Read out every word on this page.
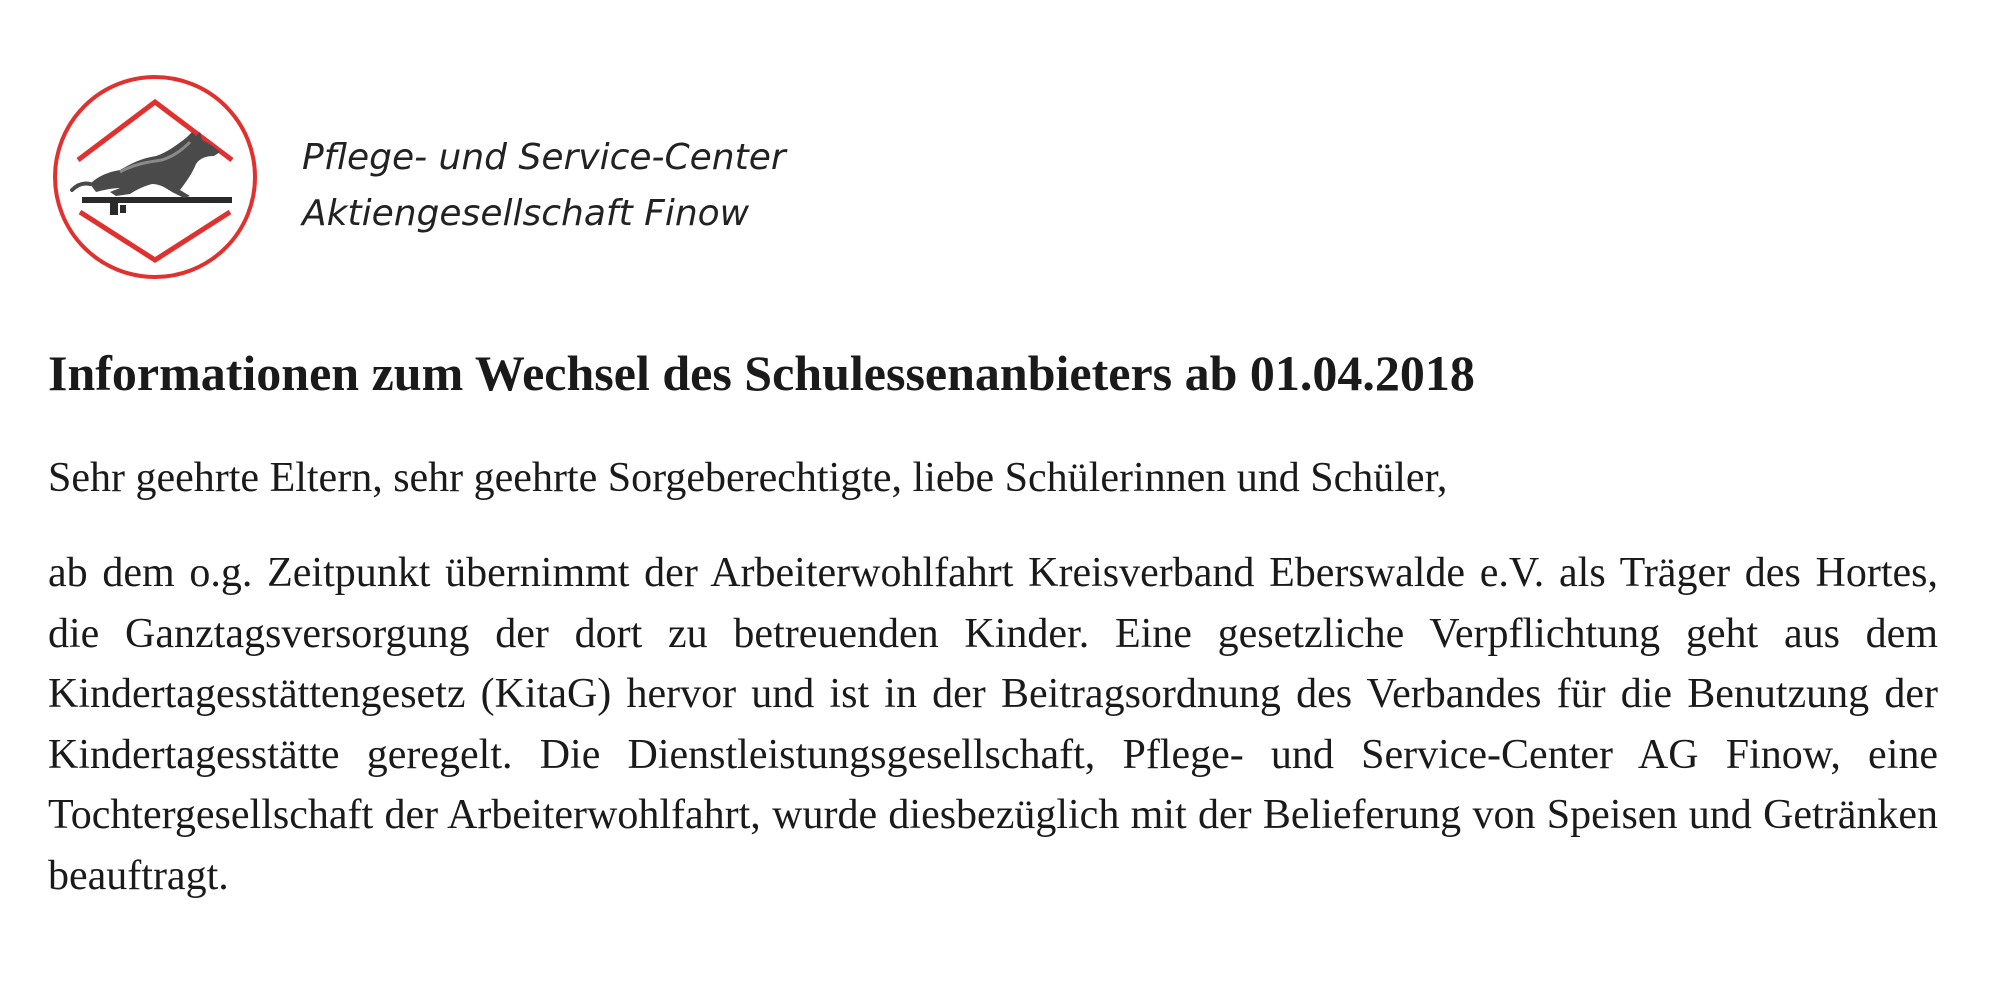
Pflege- und Service-Center
Aktiengesellschaft Finow
Informationen zum Wechsel des Schulessenanbieters ab 01.04.2018

Sehr geehrte Eltern, sehr geehrte Sorgeberechtigte, liebe Schülerinnen und Schüler,

ab dem o.g. Zeitpunkt übernimmt der Arbeiterwohlfahrt Kreisverband Eberswalde e.V. als Träger des Hortes, die Ganztagsversorgung der dort zu betreuenden Kinder. Eine gesetzliche Verpflichtung geht aus dem Kindertagesstättengesetz (KitaG) hervor und ist in der Beitragsordnung des Verbandes für die Benutzung der Kindertagesstätte geregelt. Die Dienstleistungsgesellschaft, Pflege- und Service-Center AG Finow, eine Tochtergesellschaft der Arbeiterwohlfahrt, wurde diesbezüglich mit der Belieferung von Speisen und Getränken beauftragt.
